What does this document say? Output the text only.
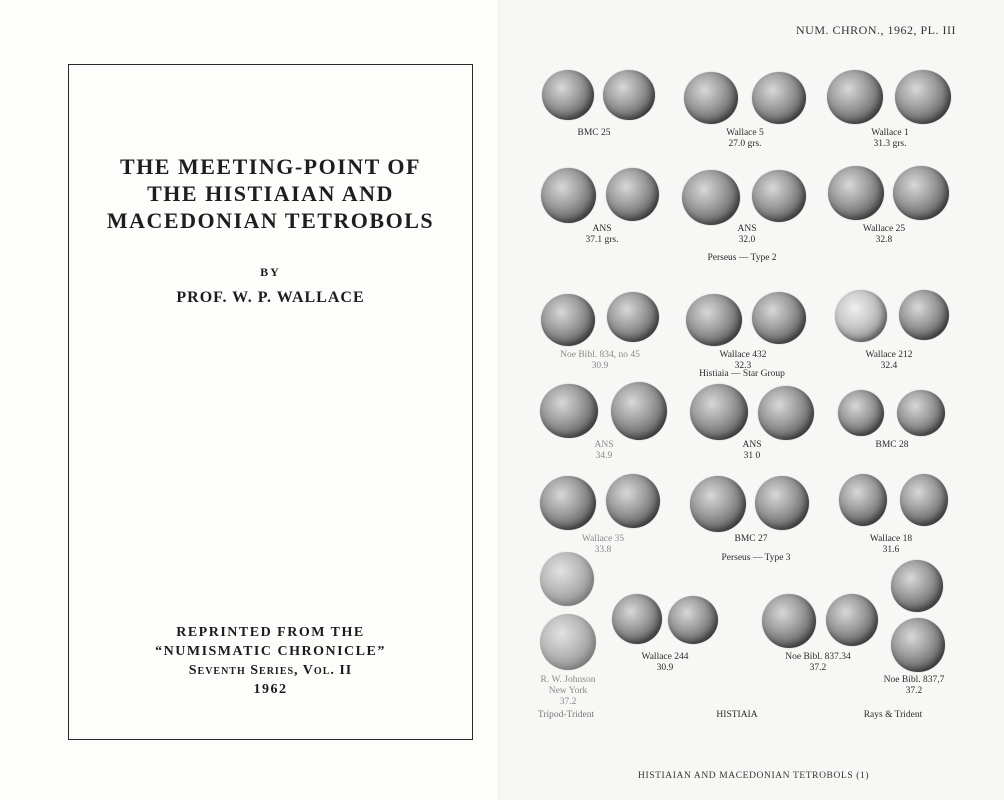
THE MEETING-POINT OF
THE HISTIAIAN AND
MACEDONIAN TETROBOLS
BY
PROF. W. P. WALLACE
REPRINTED FROM THE
“NUMISMATIC CHRONICLE”
Seventh Series, Vol. II
1962
NUM. CHRON., 1962, PL. III
BMC 25	Wallace 5
27.0 grs.
Wallace 1
31.3 grs.
ANS
37.1 grs.
ANS
32.0
Wallace 25
32.8
Perseus — Type 2
Noe Bibl. 834, no 45
30.9
Wallace 432
32.3
Wallace 212
32.4
Histiaia — Star Group
ANS
34.9
ANS
31 0
BMC 28
Wallace 35
33.8
BMC 27	Wallace 18
31.6
Perseus — Type 3
R. W. Johnson
New York
37.2
Wallace 244
30.9
Noe Bibl. 837.34
37.2
Noe Bibl. 837,7
37.2
Tripod-Trident	HISTIAIA	Rays & Trident
HISTIAIAN AND MACEDONIAN TETROBOLS (1)
